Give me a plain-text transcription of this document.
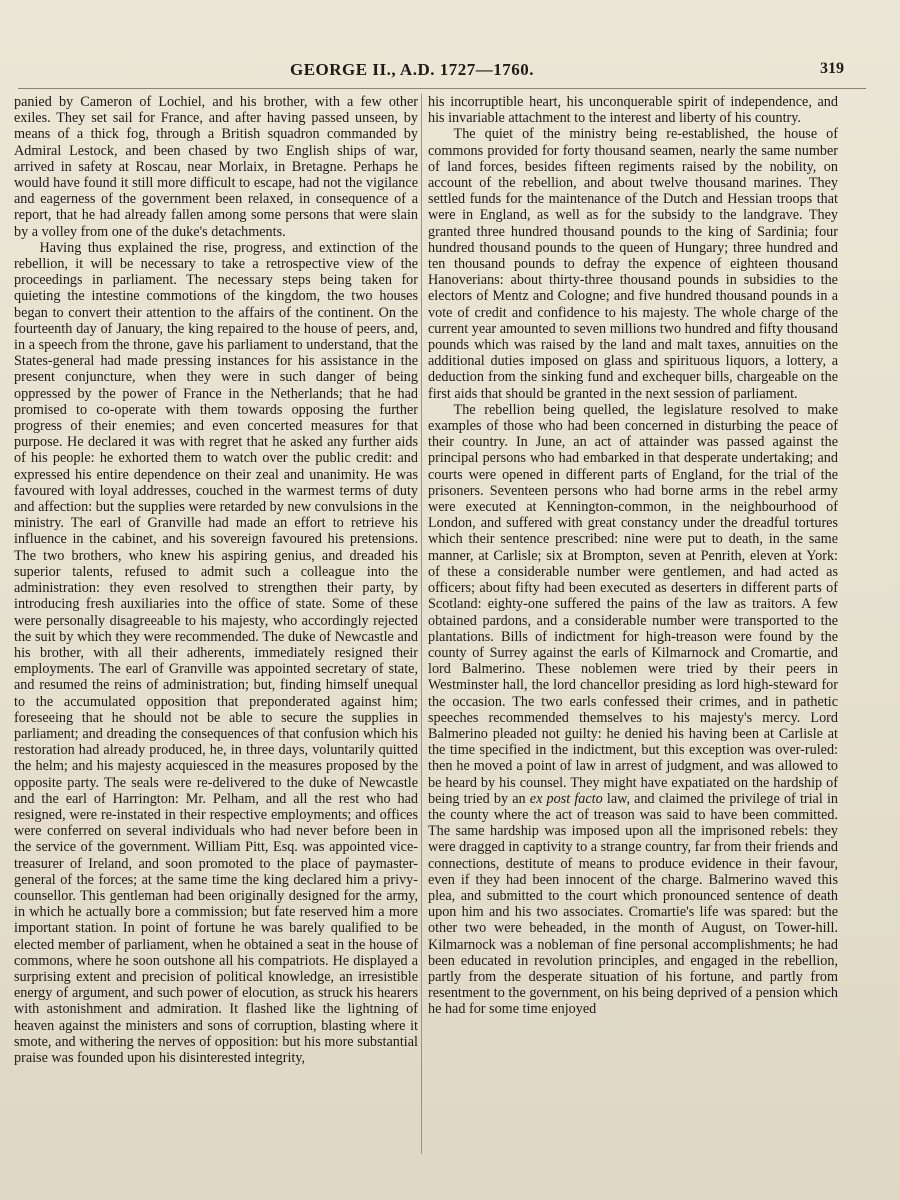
GEORGE II., A.D. 1727—1760.	319

panied by Cameron of Lochiel, and his brother, with a few other exiles. They set sail for France, and after having passed unseen, by means of a thick fog, through a British squadron commanded by Admiral Lestock, and been chased by two English ships of war, arrived in safety at Roscau, near Morlaix, in Bretagne. Perhaps he would have found it still more difficult to escape, had not the vigilance and eagerness of the government been relaxed, in consequence of a report, that he had already fallen among some persons that were slain by a volley from one of the duke's detachments.

Having thus explained the rise, progress, and extinction of the rebellion, it will be necessary to take a retrospective view of the proceedings in parliament. The necessary steps being taken for quieting the intestine commotions of the kingdom, the two houses began to convert their attention to the affairs of the continent. On the fourteenth day of January, the king repaired to the house of peers, and, in a speech from the throne, gave his parliament to understand, that the States-general had made pressing instances for his assistance in the present conjuncture, when they were in such danger of being oppressed by the power of France in the Netherlands; that he had promised to co-operate with them towards opposing the further progress of their enemies; and even concerted measures for that purpose. He declared it was with regret that he asked any further aids of his people: he exhorted them to watch over the public credit: and expressed his entire dependence on their zeal and unanimity. He was favoured with loyal addresses, couched in the warmest terms of duty and affection: but the supplies were retarded by new convulsions in the ministry. The earl of Granville had made an effort to retrieve his influence in the cabinet, and his sovereign favoured his pretensions. The two brothers, who knew his aspiring genius, and dreaded his superior talents, refused to admit such a colleague into the administration: they even resolved to strengthen their party, by introducing fresh auxiliaries into the office of state. Some of these were personally disagreeable to his majesty, who accordingly rejected the suit by which they were recommended. The duke of Newcastle and his brother, with all their adherents, immediately resigned their employments. The earl of Granville was appointed secretary of state, and resumed the reins of administration; but, finding himself unequal to the accumulated opposition that preponderated against him; foreseeing that he should not be able to secure the supplies in parliament; and dreading the consequences of that confusion which his restoration had already produced, he, in three days, voluntarily quitted the helm; and his majesty acquiesced in the measures proposed by the opposite party. The seals were re-delivered to the duke of Newcastle and the earl of Harrington: Mr. Pelham, and all the rest who had resigned, were re-instated in their respective employments; and offices were conferred on several individuals who had never before been in the service of the government. William Pitt, Esq. was appointed vice-treasurer of Ireland, and soon promoted to the place of paymaster-general of the forces; at the same time the king declared him a privy-counsellor. This gentleman had been originally designed for the army, in which he actually bore a commission; but fate reserved him a more important station. In point of fortune he was barely qualified to be elected member of parliament, when he obtained a seat in the house of commons, where he soon outshone all his compatriots. He displayed a surprising extent and precision of political knowledge, an irresistible energy of argument, and such power of elocution, as struck his hearers with astonishment and admiration. It flashed like the lightning of heaven against the ministers and sons of corruption, blasting where it smote, and withering the nerves of opposition: but his more substantial praise was founded upon his disinterested integrity,

his incorruptible heart, his unconquerable spirit of independence, and his invariable attachment to the interest and liberty of his country.

The quiet of the ministry being re-established, the house of commons provided for forty thousand seamen, nearly the same number of land forces, besides fifteen regiments raised by the nobility, on account of the rebellion, and about twelve thousand marines. They settled funds for the maintenance of the Dutch and Hessian troops that were in England, as well as for the subsidy to the landgrave. They granted three hundred thousand pounds to the king of Sardinia; four hundred thousand pounds to the queen of Hungary; three hundred and ten thousand pounds to defray the expence of eighteen thousand Hanoverians: about thirty-three thousand pounds in subsidies to the electors of Mentz and Cologne; and five hundred thousand pounds in a vote of credit and confidence to his majesty. The whole charge of the current year amounted to seven millions two hundred and fifty thousand pounds which was raised by the land and malt taxes, annuities on the additional duties imposed on glass and spirituous liquors, a lottery, a deduction from the sinking fund and exchequer bills, chargeable on the first aids that should be granted in the next session of parliament.

The rebellion being quelled, the legislature resolved to make examples of those who had been concerned in disturbing the peace of their country. In June, an act of attainder was passed against the principal persons who had embarked in that desperate undertaking; and courts were opened in different parts of England, for the trial of the prisoners. Seventeen persons who had borne arms in the rebel army were executed at Kennington-common, in the neighbourhood of London, and suffered with great constancy under the dreadful tortures which their sentence prescribed: nine were put to death, in the same manner, at Carlisle; six at Brompton, seven at Penrith, eleven at York: of these a considerable number were gentlemen, and had acted as officers; about fifty had been executed as deserters in different parts of Scotland: eighty-one suffered the pains of the law as traitors. A few obtained pardons, and a considerable number were transported to the plantations. Bills of indictment for high-treason were found by the county of Surrey against the earls of Kilmarnock and Cromartie, and lord Balmerino. These noblemen were tried by their peers in Westminster hall, the lord chancellor presiding as lord high-steward for the occasion. The two earls confessed their crimes, and in pathetic speeches recommended themselves to his majesty's mercy. Lord Balmerino pleaded not guilty: he denied his having been at Carlisle at the time specified in the indictment, but this exception was over-ruled: then he moved a point of law in arrest of judgment, and was allowed to be heard by his counsel. They might have expatiated on the hardship of being tried by an ex post facto law, and claimed the privilege of trial in the county where the act of treason was said to have been committed. The same hardship was imposed upon all the imprisoned rebels: they were dragged in captivity to a strange country, far from their friends and connections, destitute of means to produce evidence in their favour, even if they had been innocent of the charge. Balmerino waved this plea, and submitted to the court which pronounced sentence of death upon him and his two associates. Cromartie's life was spared: but the other two were beheaded, in the month of August, on Tower-hill. Kilmarnock was a nobleman of fine personal accomplishments; he had been educated in revolution principles, and engaged in the rebellion, partly from the desperate situation of his fortune, and partly from resentment to the government, on his being deprived of a pension which he had for some time enjoyed
